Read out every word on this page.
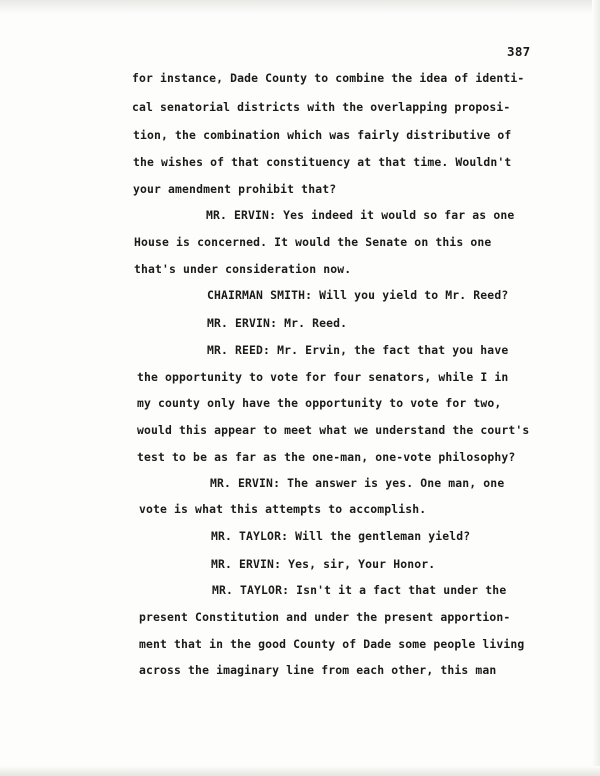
387
for instance, Dade County to combine the idea of identi-
cal senatorial districts with the overlapping proposi-
tion, the combination which was fairly distributive of
the wishes of that constituency at that time. Wouldn't
your amendment prohibit that?
MR. ERVIN: Yes indeed it would so far as one
House is concerned. It would the Senate on this one
that's under consideration now.
CHAIRMAN SMITH: Will you yield to Mr. Reed?
MR. ERVIN: Mr. Reed.
MR. REED: Mr. Ervin, the fact that you have
the opportunity to vote for four senators, while I in
my county only have the opportunity to vote for two,
would this appear to meet what we understand the court's
test to be as far as the one-man, one-vote philosophy?
MR. ERVIN: The answer is yes. One man, one
vote is what this attempts to accomplish.
MR. TAYLOR: Will the gentleman yield?
MR. ERVIN: Yes, sir, Your Honor.
MR. TAYLOR: Isn't it a fact that under the
present Constitution and under the present apportion-
ment that in the good County of Dade some people living
across the imaginary line from each other, this man
